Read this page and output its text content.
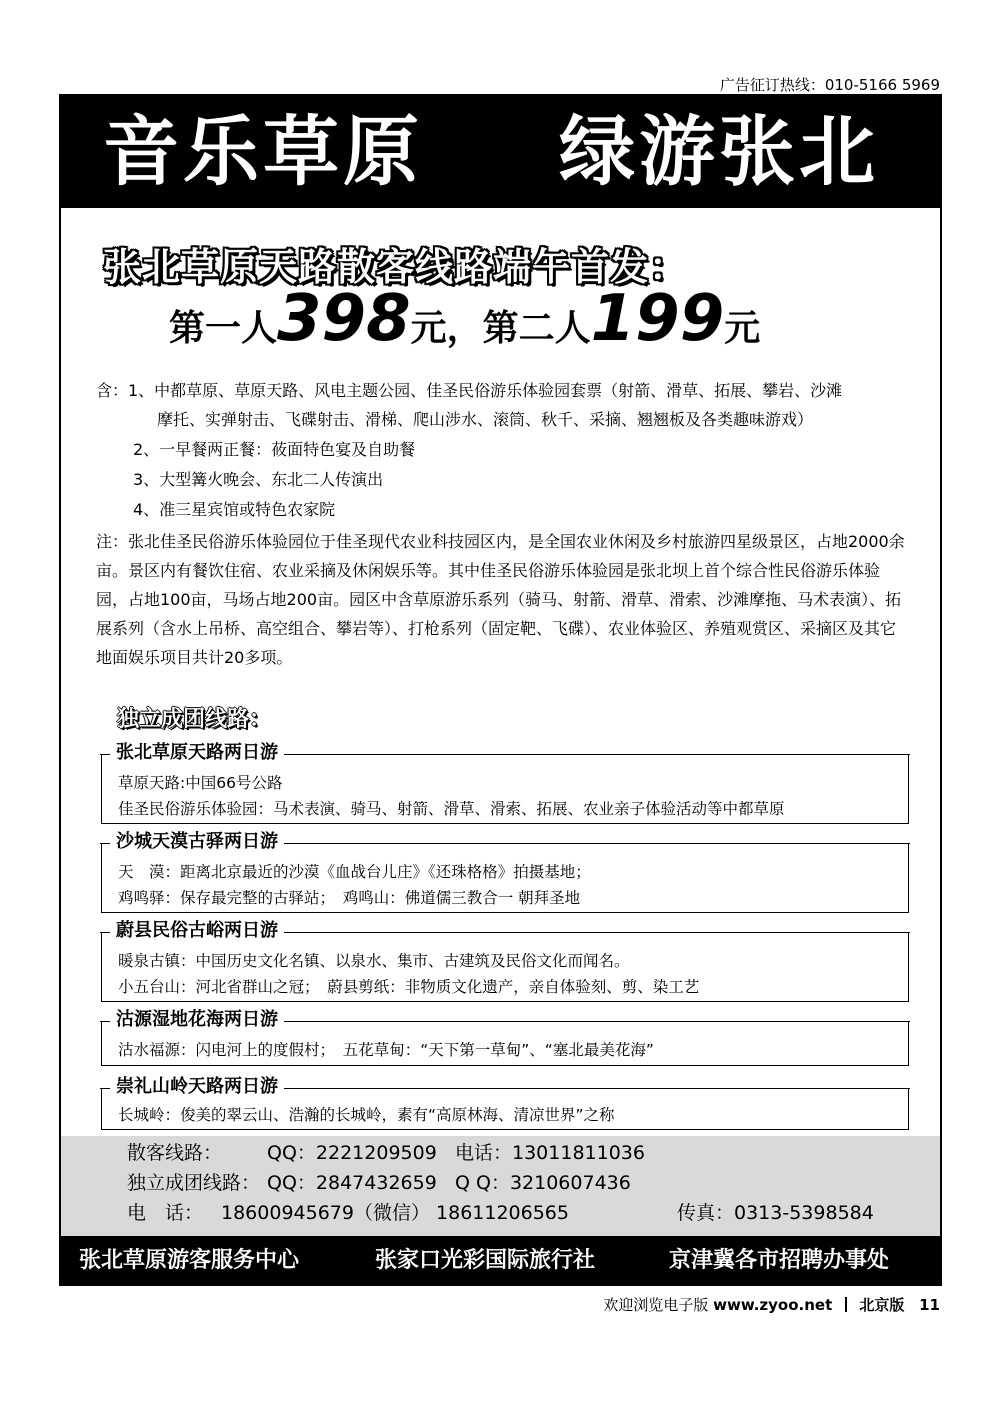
广告征订热线：010-5166 5969
音乐草原 绿游张北
张北草原天路散客线路端午首发：
第一人398元，第二人199元
含：1、中都草原、草原天路、风电主题公园、佳圣民俗游乐体验园套票（射箭、滑草、拓展、攀岩、沙滩
摩托、实弹射击、飞碟射击、滑梯、爬山涉水、滚筒、秋千、采摘、翘翘板及各类趣味游戏）
2、一早餐两正餐：莜面特色宴及自助餐
3、大型篝火晚会、东北二人传演出
4、准三星宾馆或特色农家院
注：张北佳圣民俗游乐体验园位于佳圣现代农业科技园区内，是全国农业休闲及乡村旅游四星级景区，占地2000余亩。景区内有餐饮住宿、农业采摘及休闲娱乐等。其中佳圣民俗游乐体验园是张北坝上首个综合性民俗游乐体验园，占地100亩，马场占地200亩。园区中含草原游乐系列（骑马、射箭、滑草、滑索、沙滩摩拖、马术表演）、拓展系列（含水上吊桥、高空组合、攀岩等）、打枪系列（固定靶、飞碟）、农业体验区、养殖观赏区、采摘区及其它地面娱乐项目共计20多项。
独立成团线路：
张北草原天路两日游
草原天路:中国66号公路
佳圣民俗游乐体验园：马术表演、骑马、射箭、滑草、滑索、拓展、农业亲子体验活动等中都草原
沙城天漠古驿两日游
天　漠：距离北京最近的沙漠《血战台儿庄》《还珠格格》拍摄基地；
鸡鸣驿：保存最完整的古驿站；　鸡鸣山：佛道儒三教合一 朝拜圣地
蔚县民俗古峪两日游
暖泉古镇：中国历史文化名镇、以泉水、集市、古建筑及民俗文化而闻名。
小五台山：河北省群山之冠；　蔚县剪纸：非物质文化遗产，亲自体验刻、剪、染工艺
沽源湿地花海两日游
沽水福源：闪电河上的度假村；　五花草甸：“天下第一草甸”、“塞北最美花海”
崇礼山岭天路两日游
长城岭：俊美的翠云山、浩瀚的长城岭，素有“高原林海、清凉世界”之称
散客线路： QQ：2221209509 电话：13011811036
独立成团线路： QQ：2847432659 Q Q：3210607436
电　话： 18600945679（微信） 18611206565	传真：0313-5398584
张北草原游客服务中心	张家口光彩国际旅行社	京津冀各市招聘办事处
欢迎浏览电子版 www.zyoo.net 北京版 11
